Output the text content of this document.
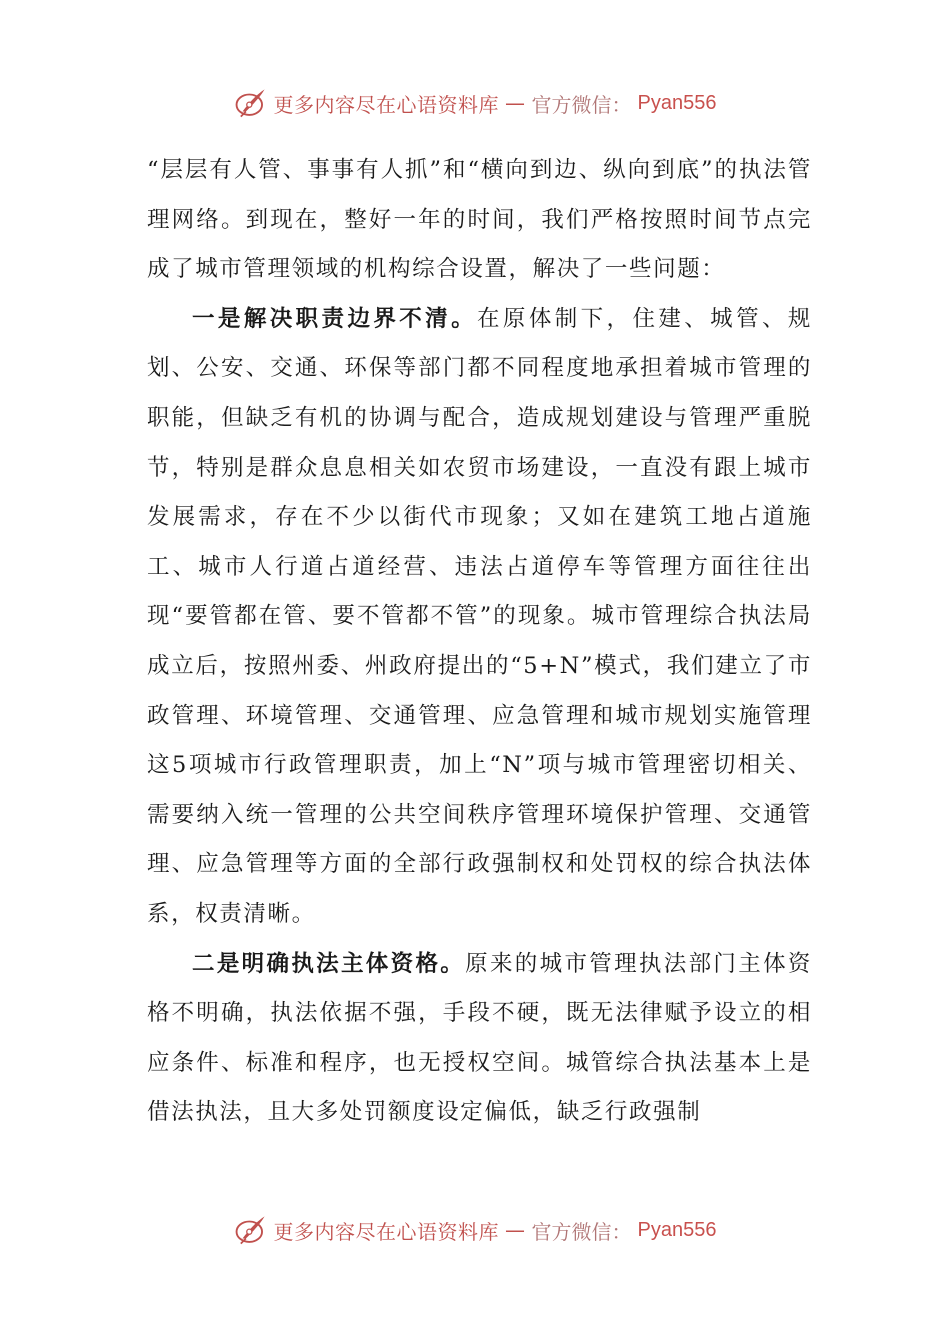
更多内容尽在心语资料库 — 官方微信： Pyan556

“层层有人管、事事有人抓”和“横向到边、纵向到底”的执法管理网络。到现在，整好一年的时间，我们严格按照时间节点完成了城市管理领域的机构综合设置，解决了一些问题：

一是解决职责边界不清。在原体制下，住建、城管、规划、公安、交通、环保等部门都不同程度地承担着城市管理的职能，但缺乏有机的协调与配合，造成规划建设与管理严重脱节，特别是群众息息相关如农贸市场建设，一直没有跟上城市发展需求，存在不少以街代市现象；又如在建筑工地占道施工、城市人行道占道经营、违法占道停车等管理方面往往出现“要管都在管、要不管都不管”的现象。城市管理综合执法局成立后，按照州委、州政府提出的“5+N”模式，我们建立了市政管理、环境管理、交通管理、应急管理和城市规划实施管理这5项城市行政管理职责，加上“N”项与城市管理密切相关、需要纳入统一管理的公共空间秩序管理环境保护管理、交通管理、应急管理等方面的全部行政强制权和处罚权的综合执法体系，权责清晰。

二是明确执法主体资格。原来的城市管理执法部门主体资格不明确，执法依据不强，手段不硬，既无法律赋予设立的相应条件、标准和程序，也无授权空间。城管综合执法基本上是借法执法，且大多处罚额度设定偏低，缺乏行政强制

更多内容尽在心语资料库 — 官方微信： Pyan556
